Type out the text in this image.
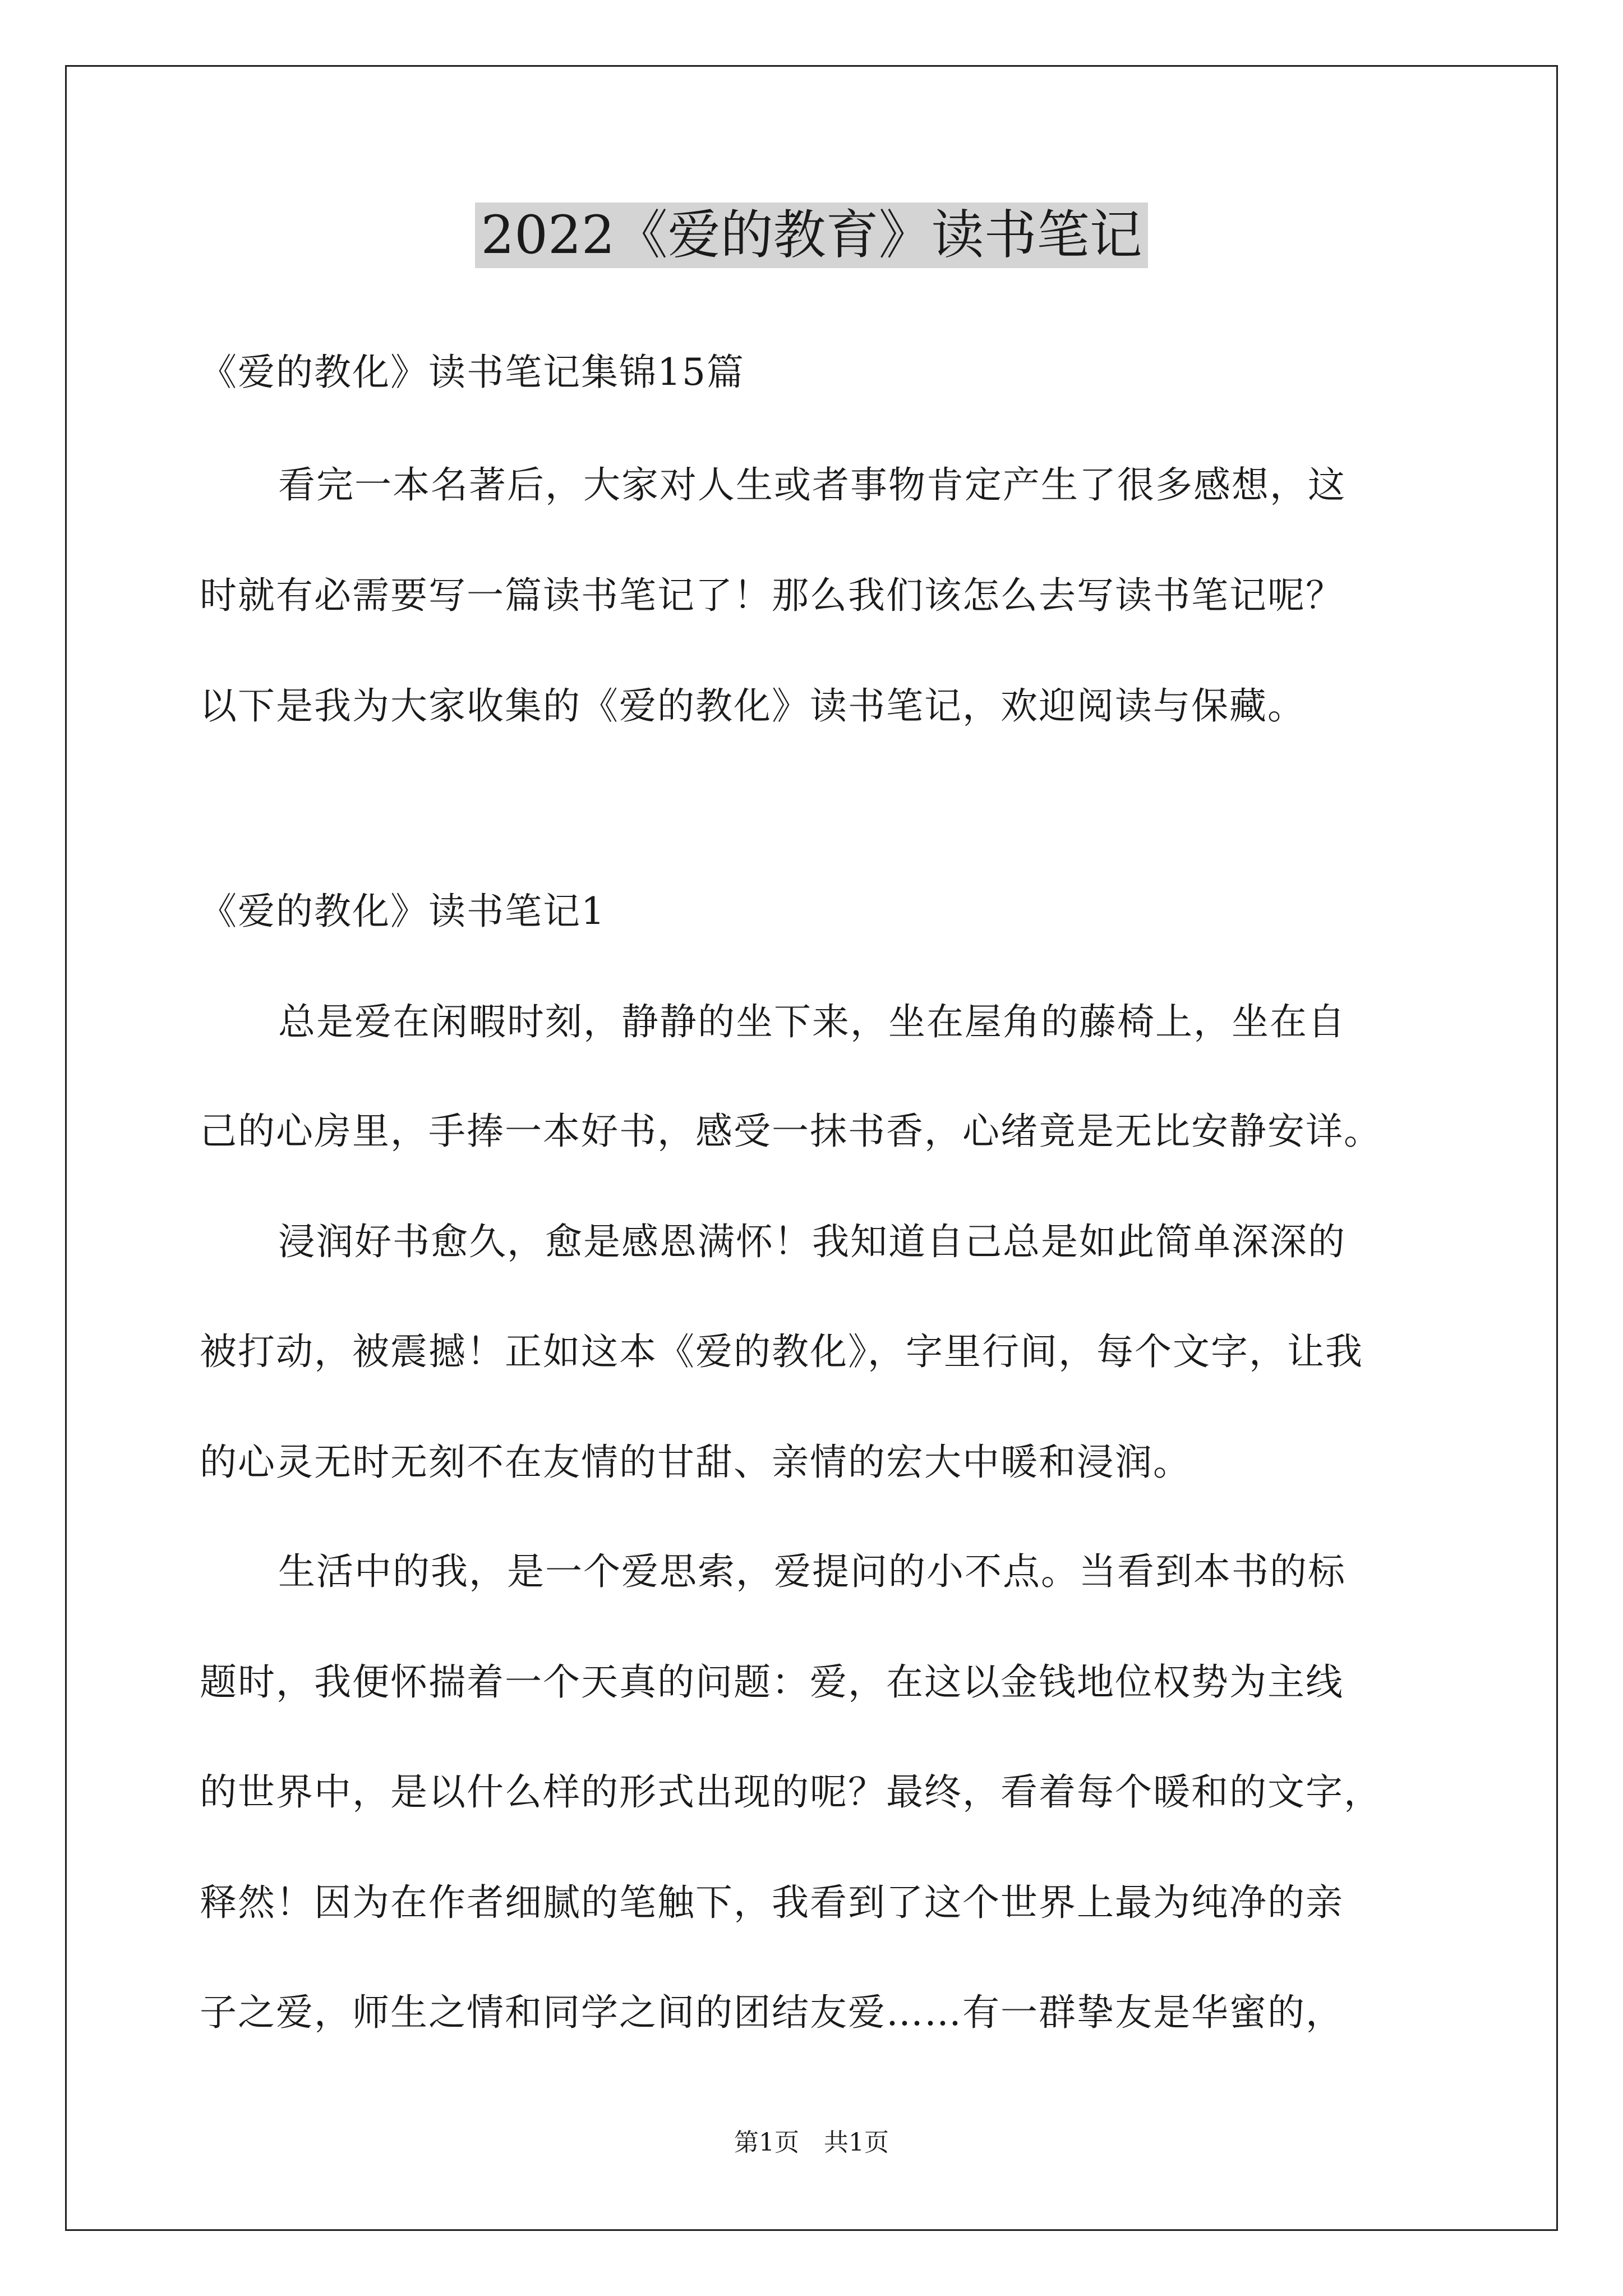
2022《爱的教育》读书笔记

《爱的教化》读书笔记集锦15篇

看完一本名著后，大家对人生或者事物肯定产生了很多感想，这

时就有必需要写一篇读书笔记了！那么我们该怎么去写读书笔记呢？

以下是我为大家收集的《爱的教化》读书笔记，欢迎阅读与保藏。

《爱的教化》读书笔记1

总是爱在闲暇时刻，静静的坐下来，坐在屋角的藤椅上，坐在自

己的心房里，手捧一本好书，感受一抹书香，心绪竟是无比安静安详。

浸润好书愈久，愈是感恩满怀！我知道自己总是如此简单深深的

被打动，被震撼！正如这本《爱的教化》，字里行间，每个文字，让我

的心灵无时无刻不在友情的甘甜、亲情的宏大中暖和浸润。

生活中的我，是一个爱思索，爱提问的小不点。当看到本书的标

题时，我便怀揣着一个天真的问题：爱，在这以金钱地位权势为主线

的世界中，是以什么样的形式出现的呢？最终，看着每个暖和的文字，

释然！因为在作者细腻的笔触下，我看到了这个世界上最为纯净的亲

子之爱，师生之情和同学之间的团结友爱……有一群挚友是华蜜的，

第1页　共1页
